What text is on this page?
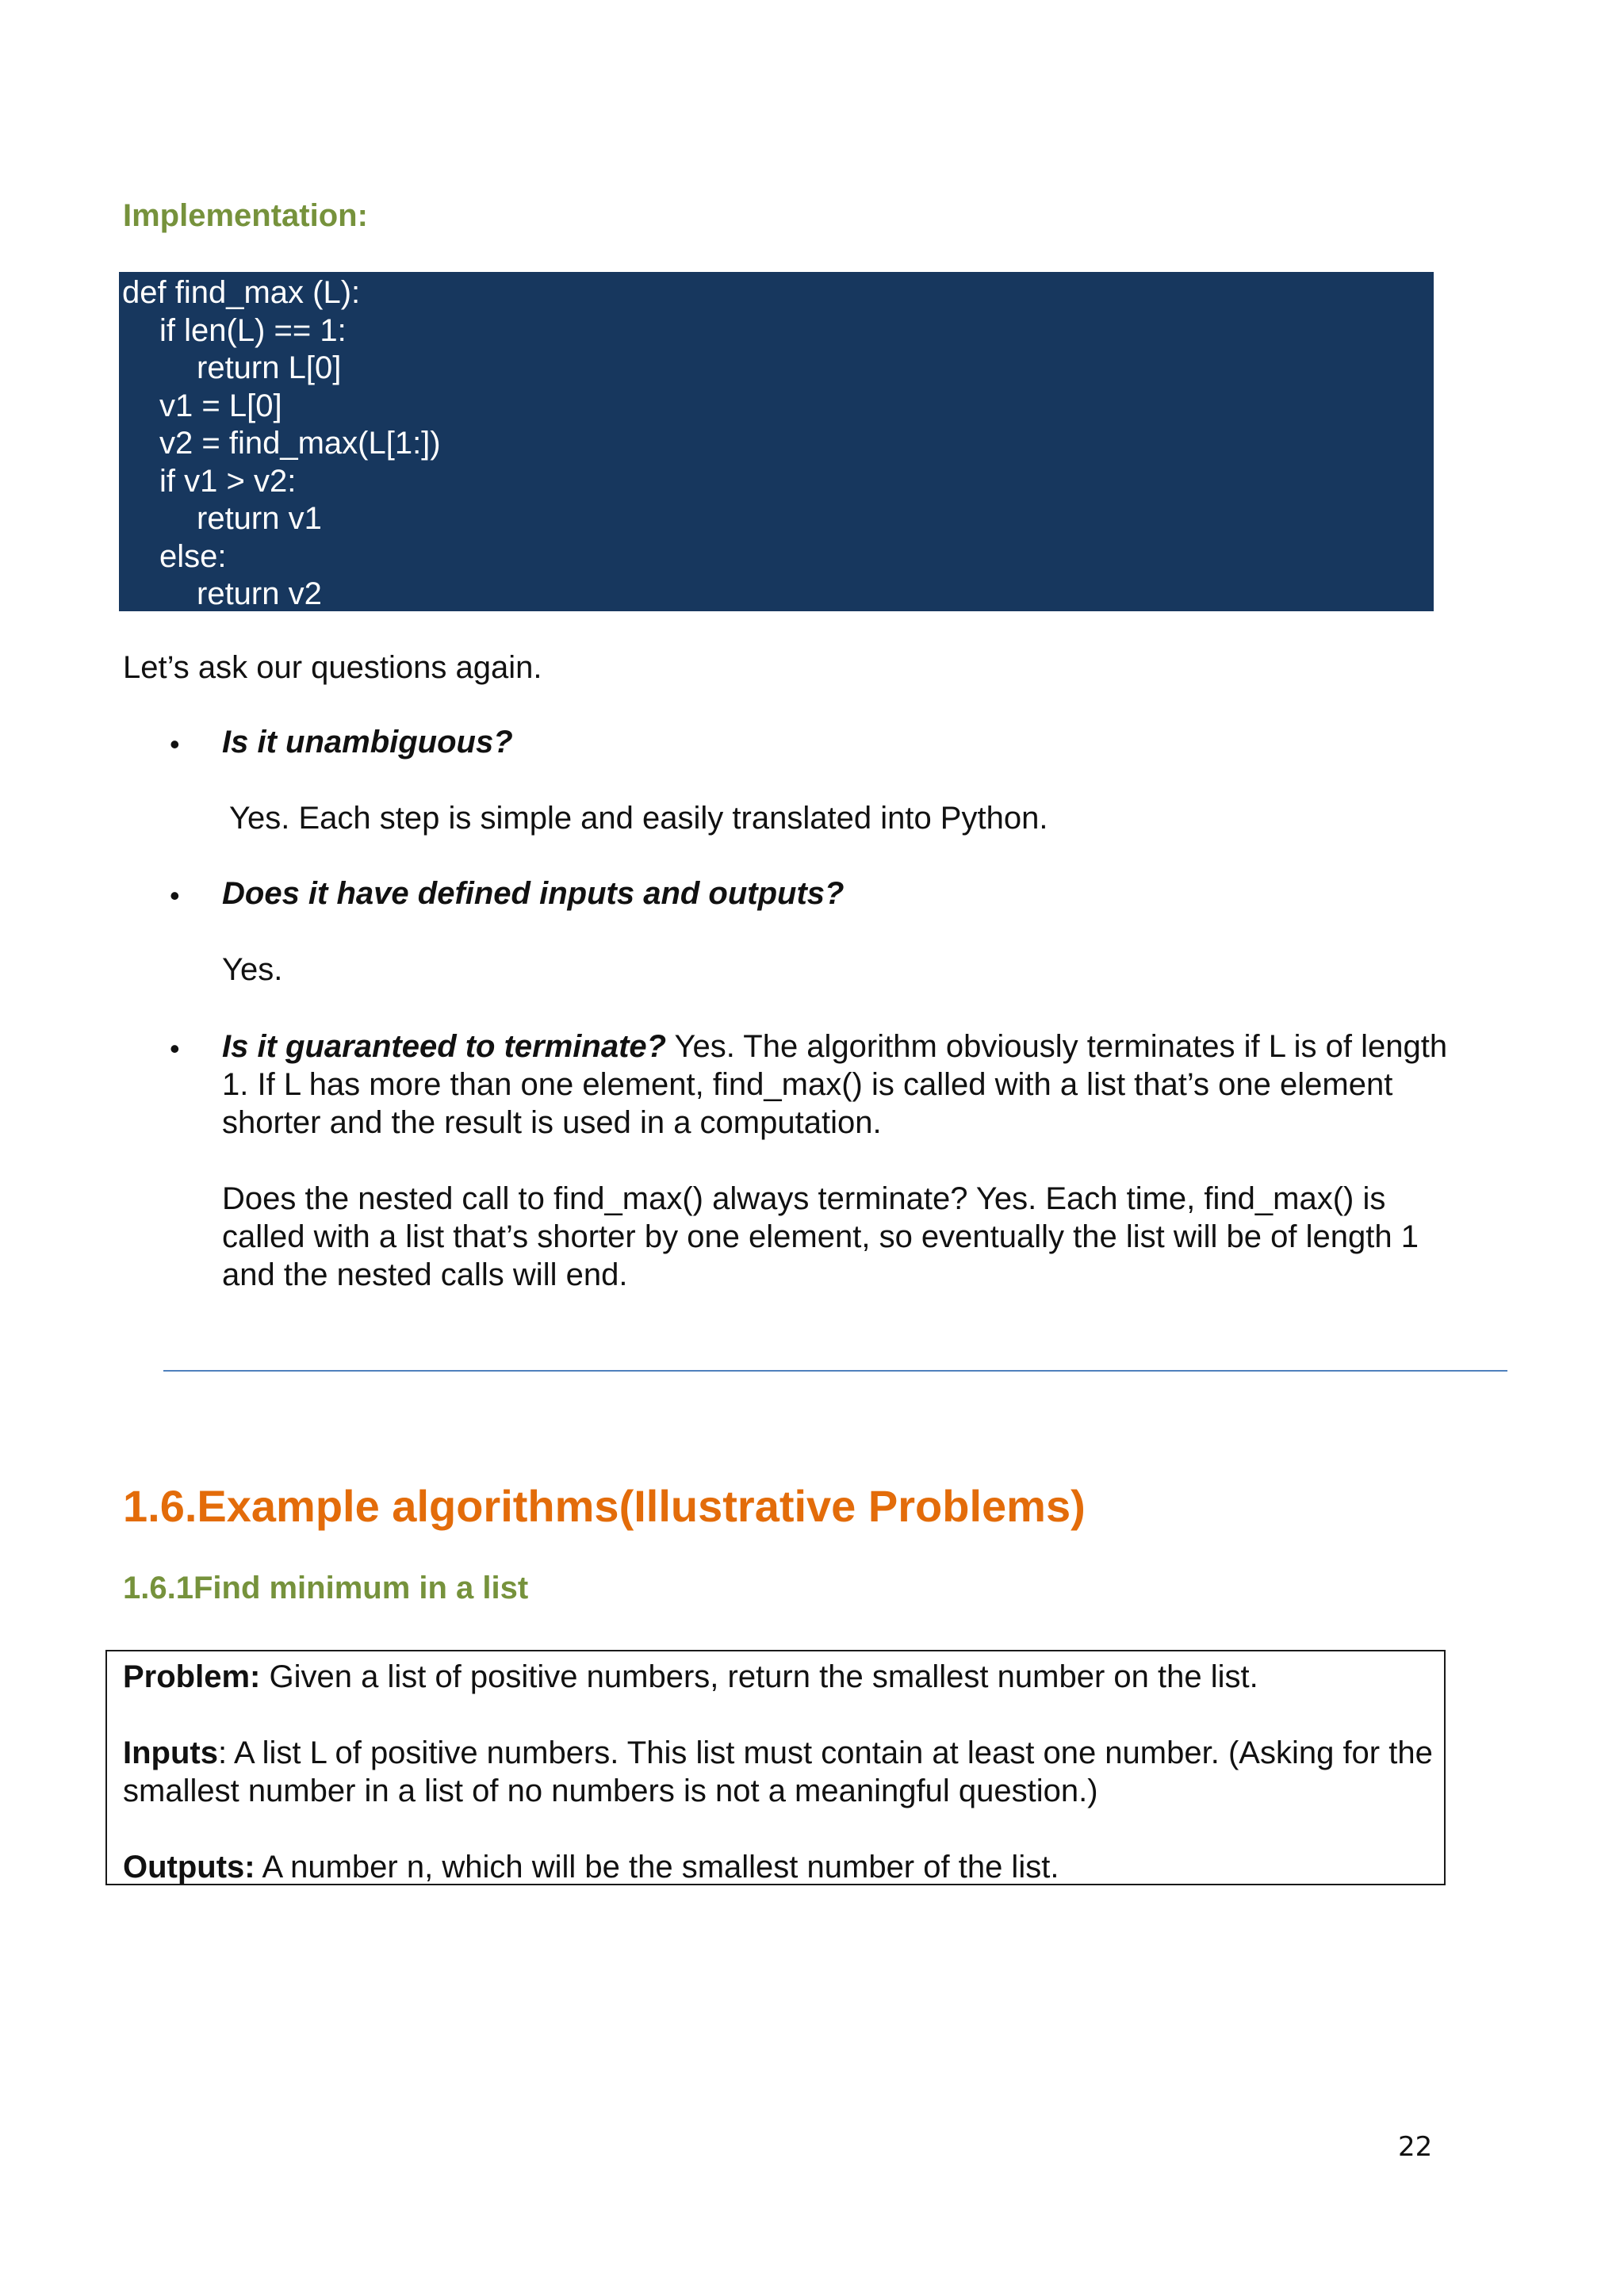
Implementation:
def find_max (L):
if len(L) == 1:
return L[0]
v1 = L[0]
v2 = find_max(L[1:])
if v1 > v2:
return v1
else:
return v2

Let’s ask our questions again.

• Is it unambiguous?

Yes. Each step is simple and easily translated into Python.

• Does it have defined inputs and outputs?

Yes.

• Is it guaranteed to terminate? Yes. The algorithm obviously terminates if L is of length 1. If L has more than one element, find_max() is called with a list that’s one element shorter and the result is used in a computation.

Does the nested call to find_max() always terminate? Yes. Each time, find_max() is called with a list that’s shorter by one element, so eventually the list will be of length 1 and the nested calls will end.

1.6.Example algorithms(Illustrative Problems)
1.6.1Find minimum in a list

Problem: Given a list of positive numbers, return the smallest number on the list.

Inputs: A list L of positive numbers. This list must contain at least one number. (Asking for the smallest number in a list of no numbers is not a meaningful question.)

Outputs: A number n, which will be the smallest number of the list.

22
